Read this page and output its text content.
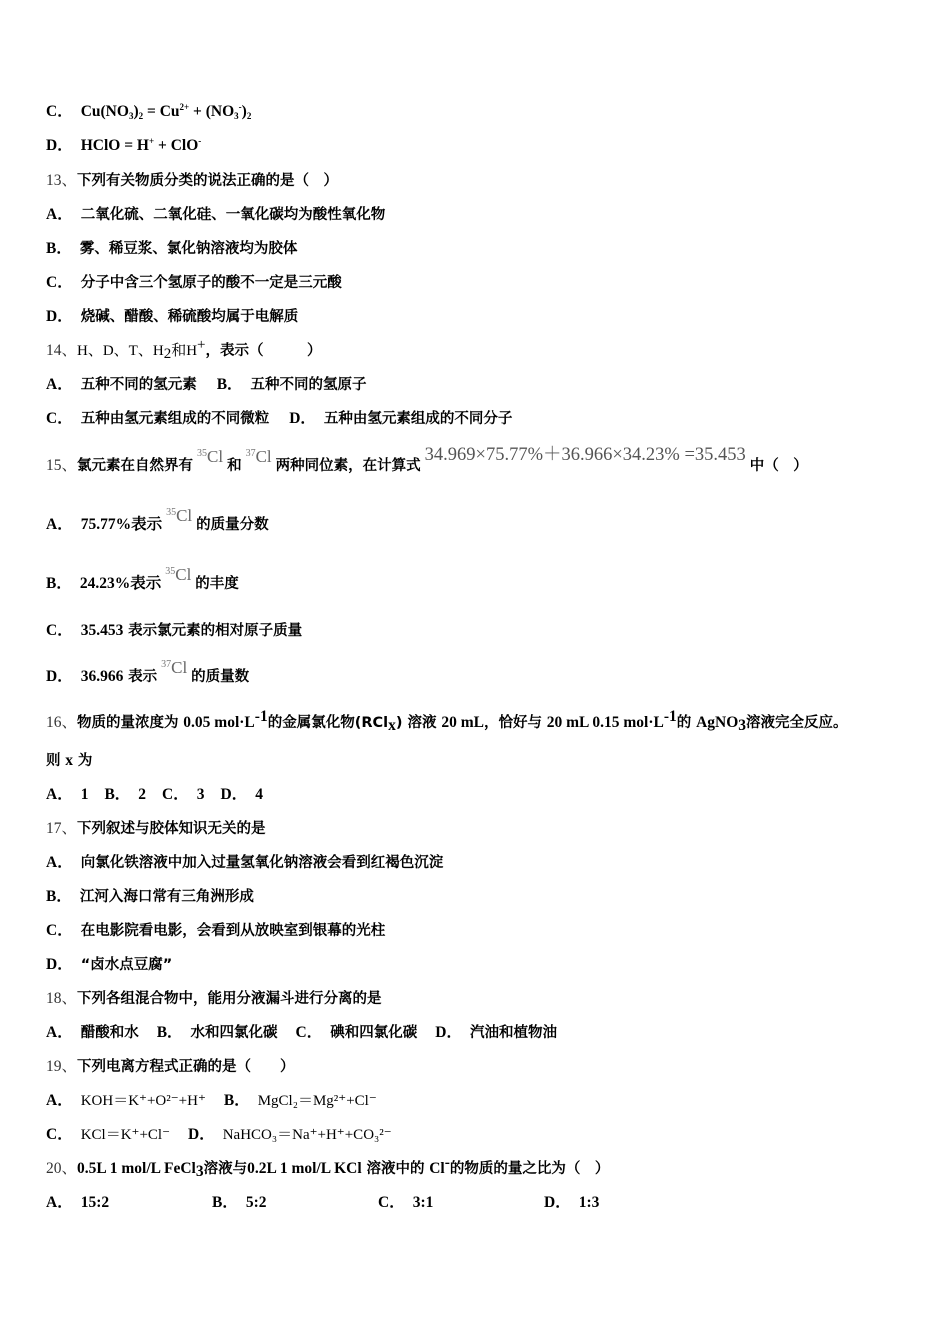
C． $Cu(NO_3)_2 = Cu^{2+} + (NO_3^-)_2$
D． HClO = H+ + ClO-
13、下列有关物质分类的说法正确的是（　）
A． 二氧化硫、二氧化硅、一氧化碳均为酸性氧化物
B． 雾、稀豆浆、氯化钠溶液均为胶体
C． 分子中含三个氢原子的酸不一定是三元酸
D． 烧碱、醋酸、稀硫酸均属于电解质
14、H、D、T、$H_2$和H+，表示（　　　）
A． 五种不同的氢元素 B． 五种不同的氢原子
C． 五种由氢元素组成的不同微粒 D． 五种由氢元素组成的不同分子
15、氯元素在自然界有$^{35}$Cl 和$^{37}$Cl 两种同位素，在计算式34.969×75.77%＋36.966×34.23% =35.453中（　）
A． 75.77%表示$^{35}$Cl 的质量分数
B． 24.23%表示$^{35}$Cl 的丰度
C． 35.453 表示氯元素的相对原子质量
D． 36.966 表示$^{37}$Cl 的质量数
16、物质的量浓度为 0.05 $mol\cdot L^{-1}$的金属氯化物(RCl$_x$) 溶液 20 mL，恰好与 20 mL 0.15 $mol\cdot L^{-1}$的 AgNO$_3$溶液完全反应。
则 x 为
A． 1 B． 2 C． 3 D． 4
17、下列叙述与胶体知识无关的是
A． 向氯化铁溶液中加入过量氢氧化钠溶液会看到红褐色沉淀
B． 江河入海口常有三角洲形成
C． 在电影院看电影，会看到从放映室到银幕的光柱
D． “卤水点豆腐”
18、下列各组混合物中，能用分液漏斗进行分离的是
A． 醋酸和水 B． 水和四氯化碳 C． 碘和四氯化碳 D． 汽油和植物油
19、下列电离方程式正确的是（　　）
A． KOH＝K⁺+O²⁻+H⁺ B． MgCl₂＝Mg²⁺+Cl⁻
C． KCl＝K⁺+Cl⁻ D． NaHCO₃＝Na⁺+H⁺+CO₃²⁻
20、0.5L 1 mol/L FeCl$_3$溶液与0.2L 1 mol/L KCl 溶液中的 Cl-的物质的量之比为（　）
A． 15:2	B． 5:2	C． 3:1	D． 1:3
